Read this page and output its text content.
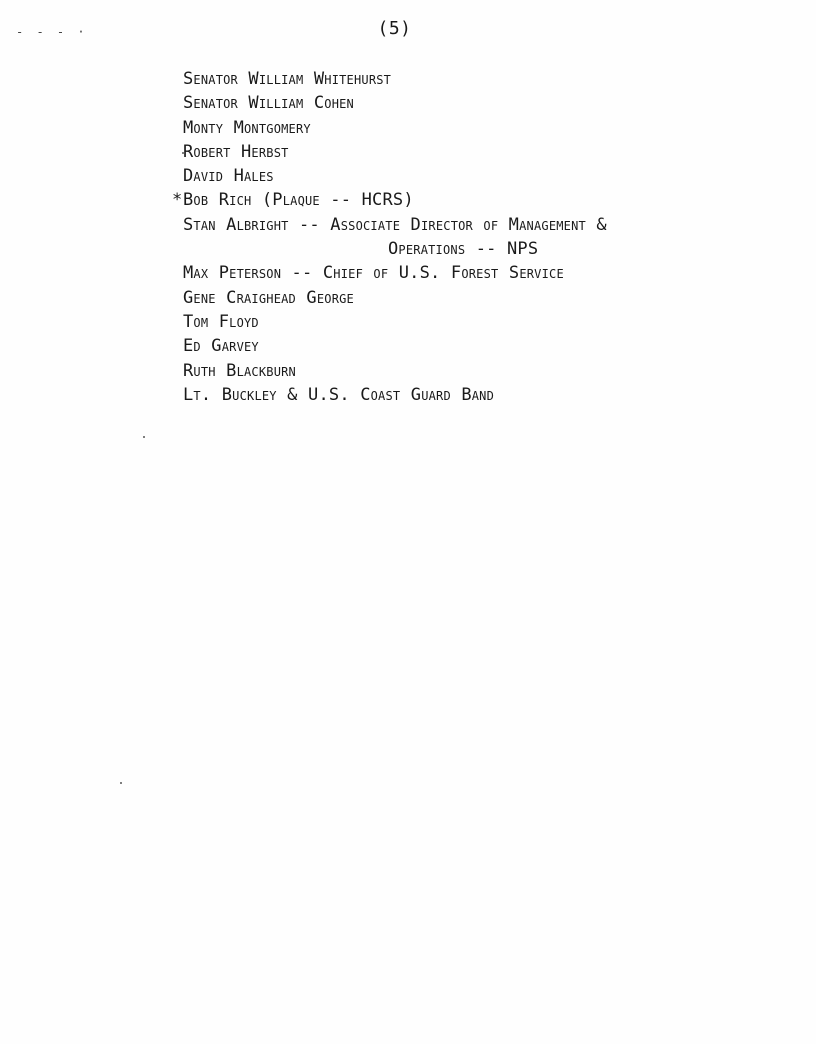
- - - ·	(5)
Senator William Whitehurst
Senator William Cohen
Monty Montgomery
Robert Herbst
David Hales
* Bob Rich (Plaque -- HCRS)
Stan Albright -- Associate Director of Management &
Operations -- NPS
Max Peterson -- Chief of U.S. Forest Service
Gene Craighead George
Tom Floyd
Ed Garvey
Ruth Blackburn
Lt. Buckley & U.S. Coast Guard Band
